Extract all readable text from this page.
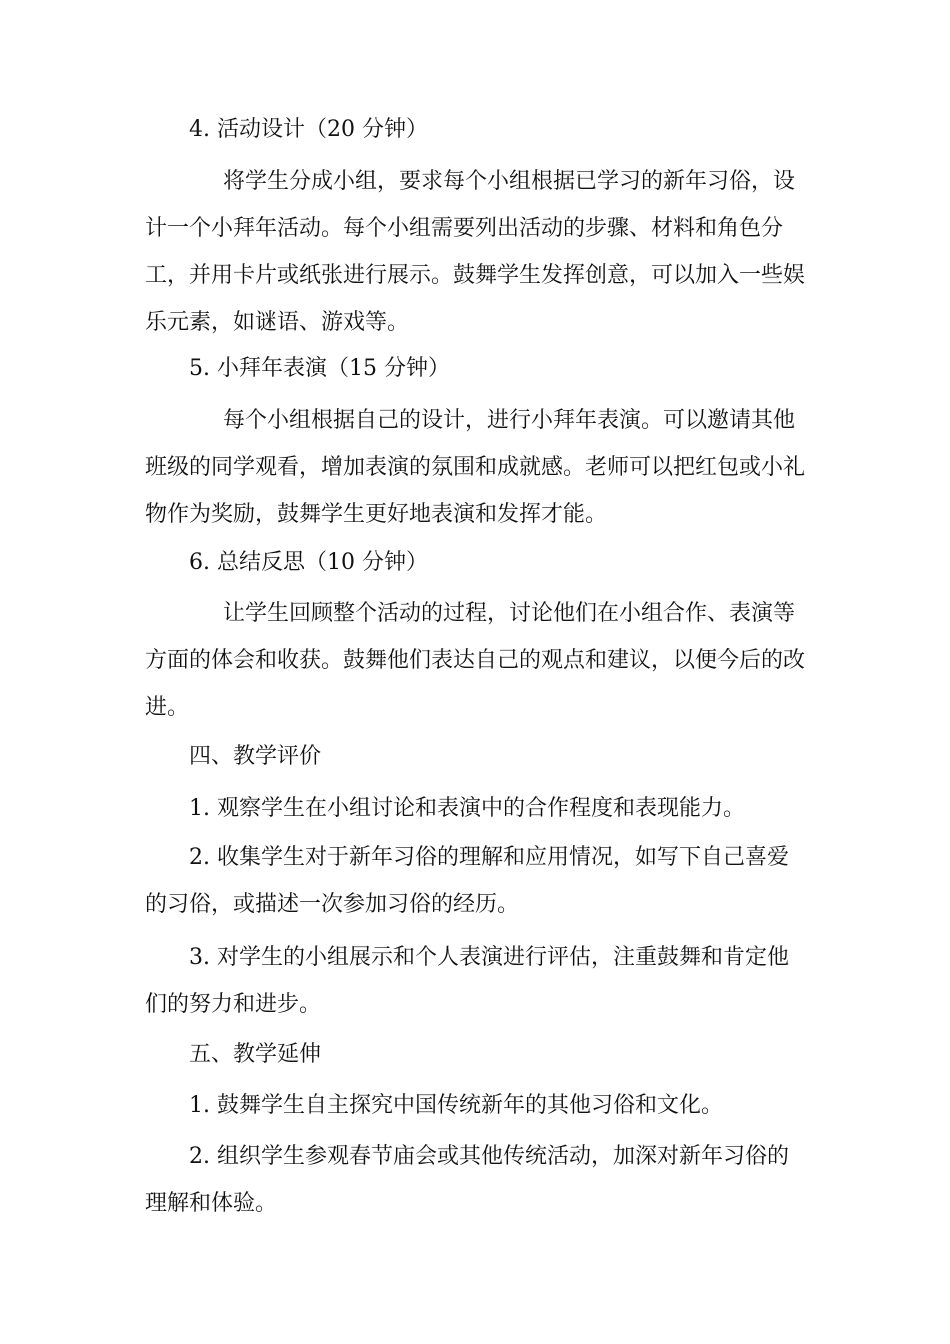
4. 活动设计（20 分钟）

将学生分成小组，要求每个小组根据已学习的新年习俗，设计一个小拜年活动。每个小组需要列出活动的步骤、材料和角色分工，并用卡片或纸张进行展示。鼓舞学生发挥创意，可以加入一些娱乐元素，如谜语、游戏等。

5. 小拜年表演（15 分钟）

每个小组根据自己的设计，进行小拜年表演。可以邀请其他班级的同学观看，增加表演的氛围和成就感。老师可以把红包或小礼物作为奖励，鼓舞学生更好地表演和发挥才能。

6. 总结反思（10 分钟）

让学生回顾整个活动的过程，讨论他们在小组合作、表演等方面的体会和收获。鼓舞他们表达自己的观点和建议，以便今后的改进。

四、教学评价

1. 观察学生在小组讨论和表演中的合作程度和表现能力。

2. 收集学生对于新年习俗的理解和应用情况，如写下自己喜爱的习俗，或描述一次参加习俗的经历。

3. 对学生的小组展示和个人表演进行评估，注重鼓舞和肯定他们的努力和进步。

五、教学延伸

1. 鼓舞学生自主探究中国传统新年的其他习俗和文化。

2. 组织学生参观春节庙会或其他传统活动，加深对新年习俗的理解和体验。
